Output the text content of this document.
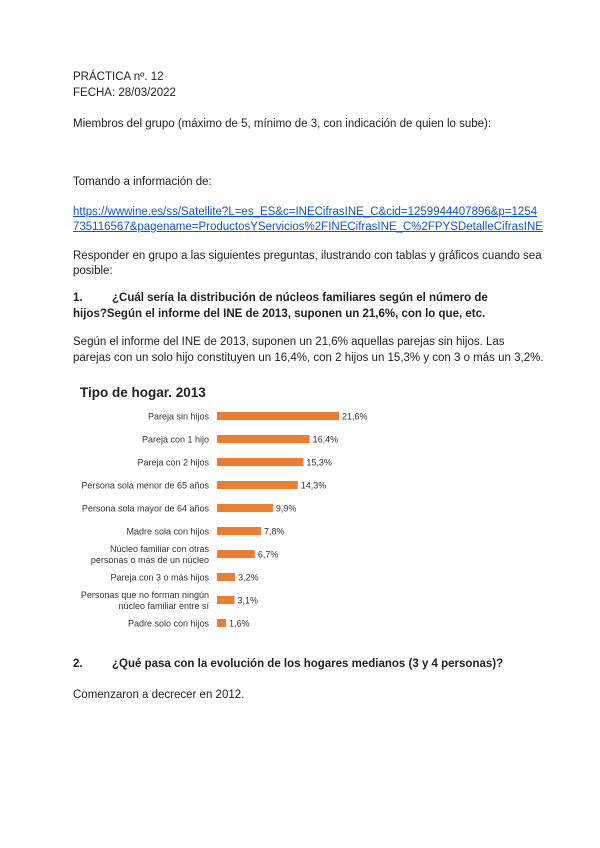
PRÁCTICA nº. 12
FECHA: 28/03/2022
Miembros del grupo (máximo de 5, mínimo de 3, con indicación de quien lo sube):
Tomando a información de:
https://wwwine.es/ss/Satellite?L=es_ES&c=INECifrasINE_C&cid=1259944407896&p=1254
735116567&pagename=ProductosYServicios%2FINECifrasINE_C%2FPYSDetalleCifrasINE
Responder en grupo a las siguientes preguntas, ilustrando con tablas y gráficos cuando sea
posible:
1.	¿Cuál sería la distribución de núcleos familiares según el número de
hijos?Según el informe del INE de 2013, suponen un 21,6%, con lo que, etc.
Según el informe del INE de 2013, suponen un 21,6% aquellas parejas sin hijos. Las
parejas con un solo hijo constituyen un 16,4%, con 2 hijos un 15,3% y con 3 o más un 3,2%.
Tipo de hogar. 2013
21,6%
Pareja sin hijos
16,4%
Pareja con 1 hijo
15,3%
Pareja con 2 hijos
14,3%
Persona sola menor de 65 años
9,9%
Persona sola mayor de 64 años
7,8%
Madre sola con hijos
6,7%
Núcleo familiar con otras personas o más de un núcleo
3,2%
Pareja con 3 o más hijos
3,1%
Personas que no forman ningún núcleo familiar entre sí
1,6%
Padre solo con hijos
2.	¿Qué pasa con la evolución de los hogares medianos (3 y 4 personas)?
Comenzaron a decrecer en 2012.
